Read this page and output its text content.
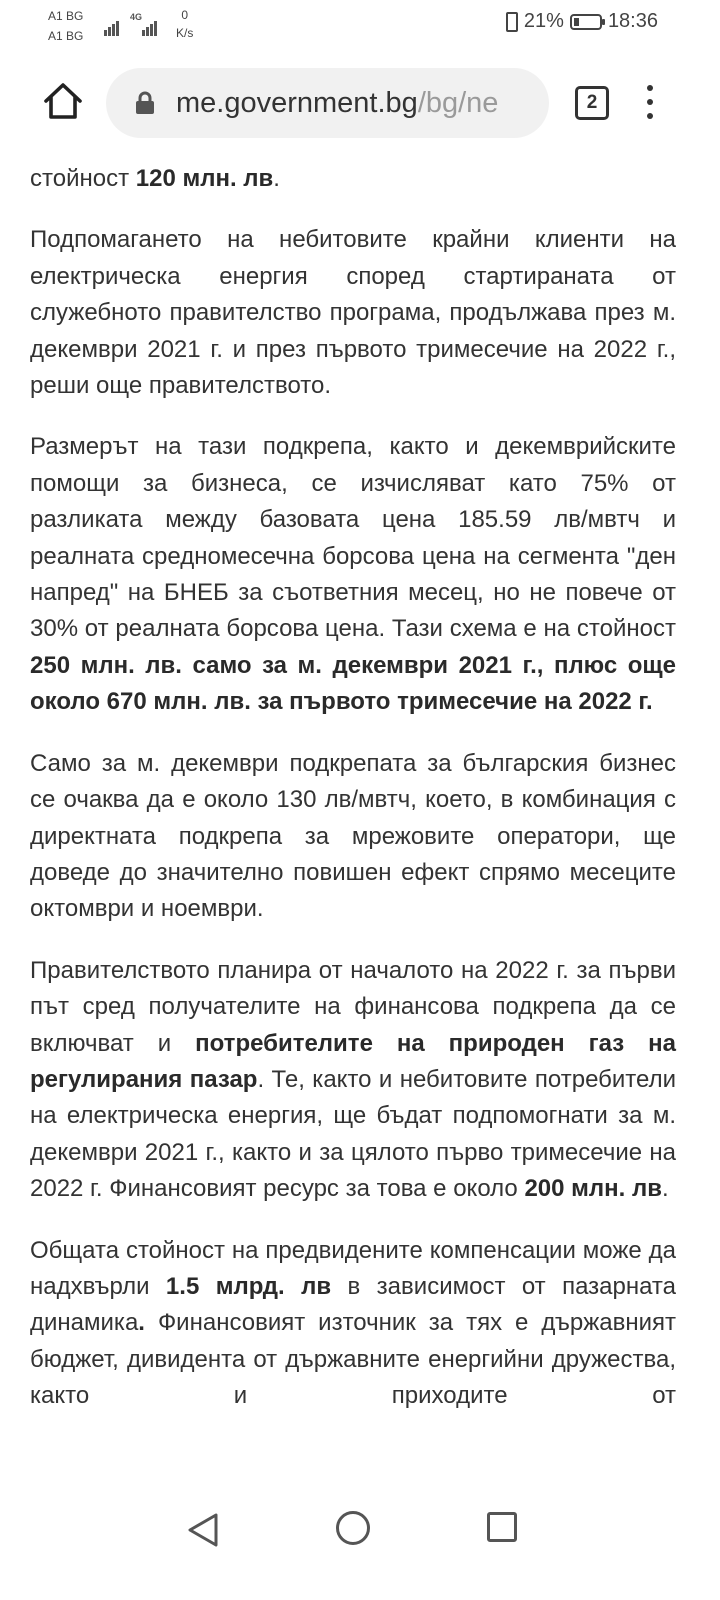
A1 BG
A1 BG
4G	0
K/s
21% 18:36
me.government.bg/bg/ne	2

стойност 120 млн. лв.

Подпомагането на небитовите крайни клиенти на електрическа енергия според стартираната от служебното правителство програма, продължава през м. декември 2021 г. и през първото тримесечие на 2022 г., реши още правителството.

Размерът на тази подкрепа, както и декемврийските помощи за бизнеса, се изчисляват като 75% от разликата между базовата цена 185.59 лв/мвтч и реалната средномесечна борсова цена на сегмента "ден напред" на БНЕБ за съответния месец, но не повече от 30% от реалната борсова цена. Тази схема е на стойност 250 млн. лв. само за м. декември 2021 г., плюс още около 670 млн. лв. за първото тримесечие на 2022 г.

Само за м. декември подкрепата за българския бизнес се очаква да е около 130 лв/мвтч, което, в комбинация с директната подкрепа за мрежовите оператори, ще доведе до значително повишен ефект спрямо месеците октомври и ноември.

Правителството планира от началото на 2022 г. за първи път сред получателите на финансова подкрепа да се включват и потребителите на природен газ на регулирания пазар. Те, както и небитовите потребители на електрическа енергия, ще бъдат подпомогнати за м. декември 2021 г., както и за цялото първо тримесечие на 2022 г. Финансовият ресурс за това е около 200 млн. лв.

Общата стойност на предвидените компенсации може да надхвърли 1.5 млрд. лв в зависимост от пазарната динамика. Финансовият източник за тях е държавният бюджет, дивидента от държавните енергийни дружества, както и приходите от
